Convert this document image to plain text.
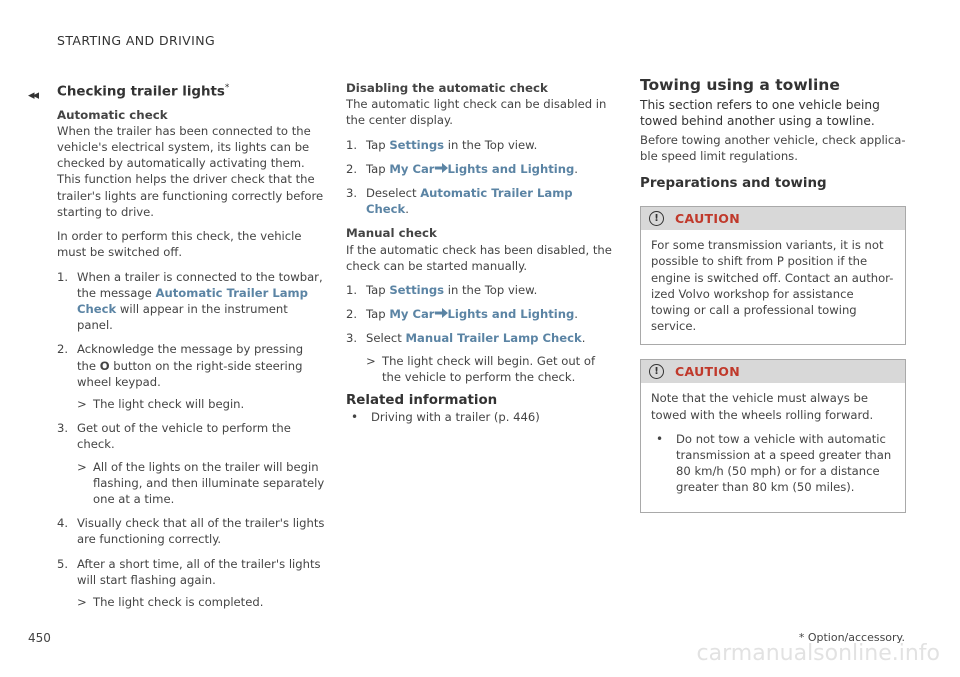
◂◂
STARTING AND DRIVING
Checking trailer lights*
Automatic check

When the trailer has been connected to the vehicle's electrical system, its lights can be checked by automatically activating them. This function helps the driver check that the trailer's lights are functioning correctly before starting to drive.

In order to perform this check, the vehicle must be switched off.

1. When a trailer is connected to the towbar, the message Automatic Trailer Lamp Check will appear in the instrument panel.
2. Acknowledge the message by pressing the O button on the right-side steering wheel keypad.
> The light check will begin.
3. Get out of the vehicle to perform the check.
> All of the lights on the trailer will begin flashing, and then illuminate separately one at a time.
4. Visually check that all of the trailer's lights are functioning correctly.
5. After a short time, all of the trailer's lights will start flashing again.
> The light check is completed.
Disabling the automatic check

The automatic light check can be disabled in the center display.

1. Tap Settings in the Top view.
2. Tap My Car Lights and Lighting.
3. Deselect Automatic Trailer Lamp Check.
Manual check

If the automatic check has been disabled, the check can be started manually.

1. Tap Settings in the Top view.
2. Tap My Car Lights and Lighting.
3. Select Manual Trailer Lamp Check.
> The light check will begin. Get out of the vehicle to perform the check.
Related information
• Driving with a trailer (p. 446)
Towing using a towline

This section refers to one vehicle being towed behind another using a towline.

Before towing another vehicle, check applica-ble speed limit regulations.

Preparations and towing
!	CAUTION
For some transmission variants, it is not possible to shift from P position if the engine is switched off. Contact an author-ized Volvo workshop for assistance towing or call a professional towing service.
!	CAUTION

Note that the vehicle must always be towed with the wheels rolling forward.

• Do not tow a vehicle with automatic transmission at a speed greater than 80 km/h (50 mph) or for a distance greater than 80 km (50 miles).
* Option/accessory.
450
carmanualsonline.info
